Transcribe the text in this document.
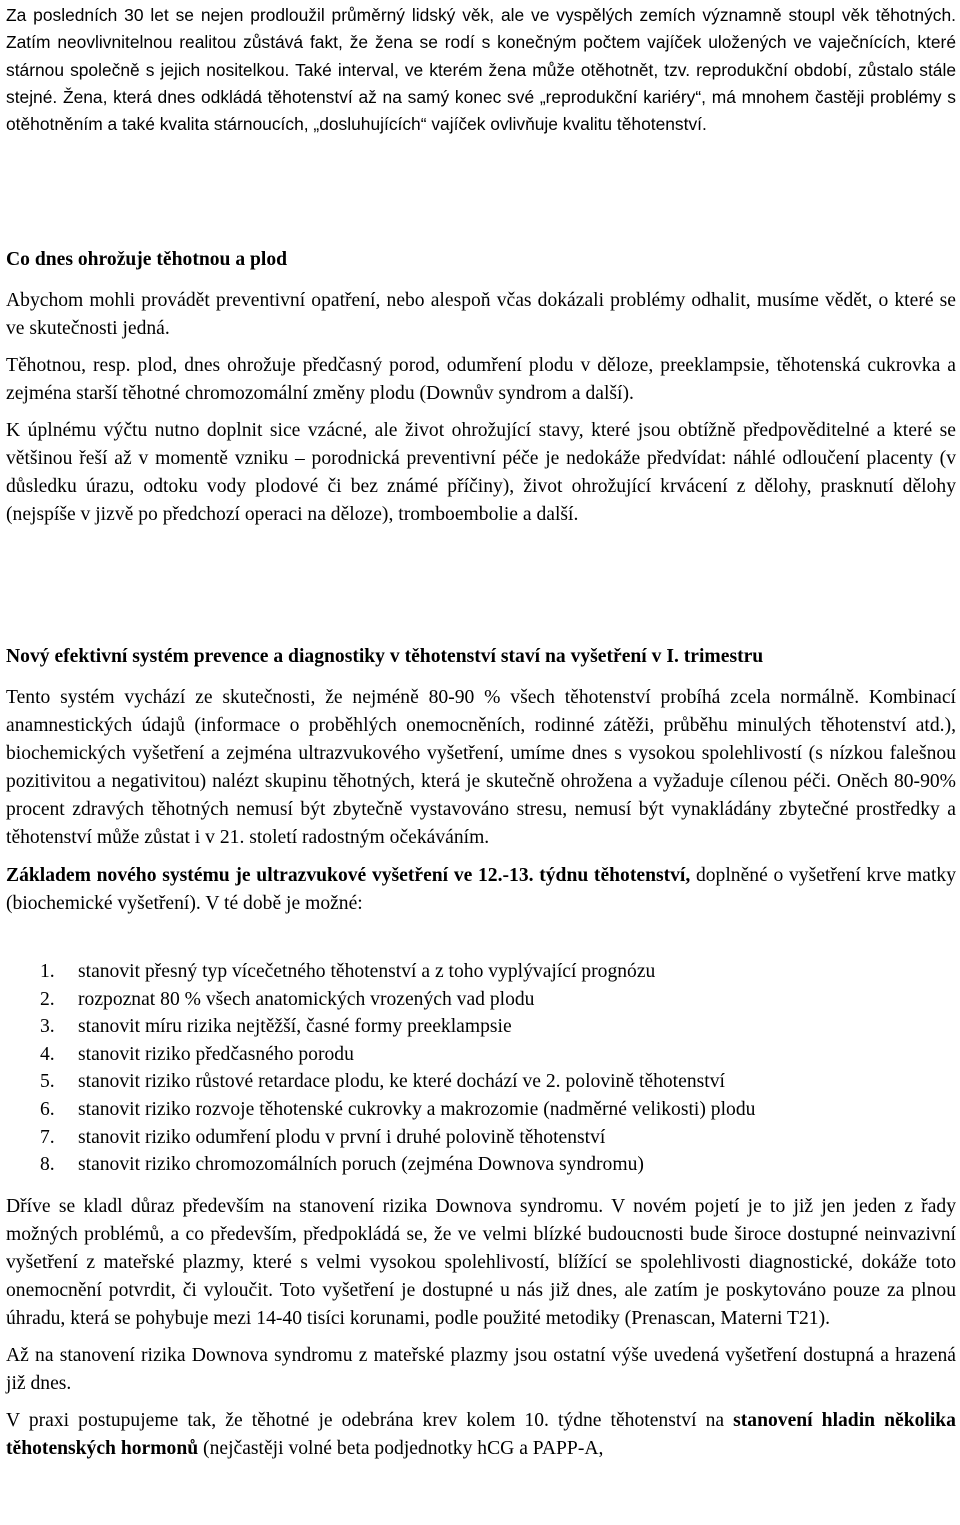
Za posledních 30 let se nejen prodloužil průměrný lidský věk, ale ve vyspělých zemích významně stoupl věk těhotných. Zatím neovlivnitelnou realitou zůstává fakt, že žena se rodí s konečným počtem vajíček uložených ve vaječnících, které stárnou společně s jejich nositelkou. Také interval, ve kterém žena může otěhotnět, tzv. reprodukční období, zůstalo stále stejné. Žena, která dnes odkládá těhotenství až na samý konec své „reprodukční kariéry“, má mnohem častěji problémy s otěhotněním a také kvalita stárnoucích, „dosluhujících“ vajíček ovlivňuje kvalitu těhotenství.

Co dnes ohrožuje těhotnou a plod

Abychom mohli provádět preventivní opatření, nebo alespoň včas dokázali problémy odhalit, musíme vědět, o které se ve skutečnosti jedná.

Těhotnou, resp. plod, dnes ohrožuje předčasný porod, odumření plodu v děloze, preeklampsie, těhotenská cukrovka a zejména starší těhotné chromozomální změny plodu (Downův syndrom a další).

K úplnému výčtu nutno doplnit sice vzácné, ale život ohrožující stavy, které jsou obtížně předpověditelné a které se většinou řeší až v momentě vzniku – porodnická preventivní péče je nedokáže předvídat: náhlé odloučení placenty (v důsledku úrazu, odtoku vody plodové či bez známé příčiny), život ohrožující krvácení z dělohy, prasknutí dělohy (nejspíše v jizvě po předchozí operaci na děloze), tromboembolie a další.

Nový efektivní systém prevence a diagnostiky v těhotenství staví na vyšetření v I. trimestru

Tento systém vychází ze skutečnosti, že nejméně 80-90 % všech těhotenství probíhá zcela normálně. Kombinací anamnestických údajů (informace o proběhlých onemocněních, rodinné zátěži, průběhu minulých těhotenství atd.), biochemických vyšetření a zejména ultrazvukového vyšetření, umíme dnes s vysokou spolehlivostí (s nízkou falešnou pozitivitou a negativitou) nalézt skupinu těhotných, která je skutečně ohrožena a vyžaduje cílenou péči. Oněch 80-90% procent zdravých těhotných nemusí být zbytečně vystavováno stresu, nemusí být vynakládány zbytečné prostředky a těhotenství může zůstat i v 21. století radostným očekáváním.

Základem nového systému je ultrazvukové vyšetření ve 12.-13. týdnu těhotenství, doplněné o vyšetření krve matky (biochemické vyšetření). V té době je možné:

1.	stanovit přesný typ vícečetného těhotenství a z toho vyplývající prognózu
2.	rozpoznat 80 % všech anatomických vrozených vad plodu
3.	stanovit míru rizika nejtěžší, časné formy preeklampsie
4.	stanovit riziko předčasného porodu
5.	stanovit riziko růstové retardace plodu, ke které dochází ve 2. polovině těhotenství
6.	stanovit riziko rozvoje těhotenské cukrovky a makrozomie (nadměrné velikosti) plodu
7.	stanovit riziko odumření plodu v první i druhé polovině těhotenství
8.	stanovit riziko chromozomálních poruch (zejména Downova syndromu)

Dříve se kladl důraz především na stanovení rizika Downova syndromu. V novém pojetí je to již jen jeden z řady možných problémů, a co především, předpokládá se, že ve velmi blízké budoucnosti bude široce dostupné neinvazivní vyšetření z mateřské plazmy, které s velmi vysokou spolehlivostí, blížící se spolehlivosti diagnostické, dokáže toto onemocnění potvrdit, či vyloučit. Toto vyšetření je dostupné u nás již dnes, ale zatím je poskytováno pouze za plnou úhradu, která se pohybuje mezi 14-40 tisíci korunami, podle použité metodiky (Prenascan, Materni T21).

Až na stanovení rizika Downova syndromu z mateřské plazmy jsou ostatní výše uvedená vyšetření dostupná a hrazená již dnes.

V praxi postupujeme tak, že těhotné je odebrána krev kolem 10. týdne těhotenství na stanovení hladin několika těhotenských hormonů (nejčastěji volné beta podjednotky hCG a PAPP-A,
